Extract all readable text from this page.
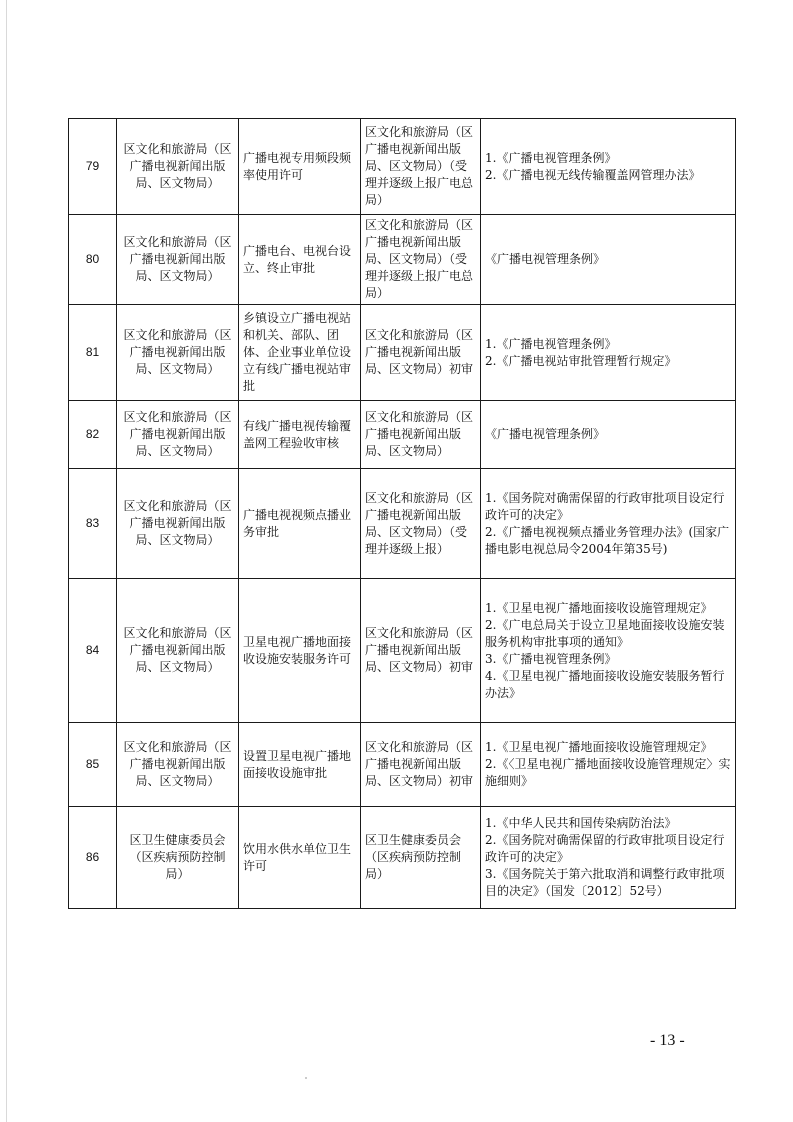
79	区文化和旅游局（区广播电视新闻出版局、区文物局）	广播电视专用频段频率使用许可	区文化和旅游局（区广播电视新闻出版局、区文物局）（受理并逐级上报广电总局）	1.《广播电视管理条例》
2.《广播电视无线传输覆盖网管理办法》

80	区文化和旅游局（区广播电视新闻出版局、区文物局）	广播电台、电视台设立、终止审批	区文化和旅游局（区广播电视新闻出版局、区文物局）（受理并逐级上报广电总局）	《广播电视管理条例》

81	区文化和旅游局（区广播电视新闻出版局、区文物局）	乡镇设立广播电视站和机关、部队、团体、企业事业单位设立有线广播电视站审批	区文化和旅游局（区广播电视新闻出版局、区文物局）初审	1.《广播电视管理条例》
2.《广播电视站审批管理暂行规定》

82	区文化和旅游局（区广播电视新闻出版局、区文物局）	有线广播电视传输覆盖网工程验收审核	区文化和旅游局（区广播电视新闻出版局、区文物局）	《广播电视管理条例》

83	区文化和旅游局（区广播电视新闻出版局、区文物局）	广播电视视频点播业务审批	区文化和旅游局（区广播电视新闻出版局、区文物局）（受理并逐级上报）	1.《国务院对确需保留的行政审批项目设定行政许可的决定》
2.《广播电视视频点播业务管理办法》(国家广播电影电视总局令2004年第35号)

84	区文化和旅游局（区广播电视新闻出版局、区文物局）	卫星电视广播地面接收设施安装服务许可	区文化和旅游局（区广播电视新闻出版局、区文物局）初审	1.《卫星电视广播地面接收设施管理规定》
2.《广电总局关于设立卫星地面接收设施安装服务机构审批事项的通知》
3.《广播电视管理条例》
4.《卫星电视广播地面接收设施安装服务暂行办法》

85	区文化和旅游局（区广播电视新闻出版局、区文物局）	设置卫星电视广播地面接收设施审批	区文化和旅游局（区广播电视新闻出版局、区文物局）初审	1.《卫星电视广播地面接收设施管理规定》
2.《〈卫星电视广播地面接收设施管理规定〉实施细则》

86	区卫生健康委员会（区疾病预防控制局）	饮用水供水单位卫生许可	区卫生健康委员会（区疾病预防控制局）	1.《中华人民共和国传染病防治法》
2.《国务院对确需保留的行政审批项目设定行政许可的决定》
3.《国务院关于第六批取消和调整行政审批项目的决定》（国发〔2012〕52号）
- 13 -
